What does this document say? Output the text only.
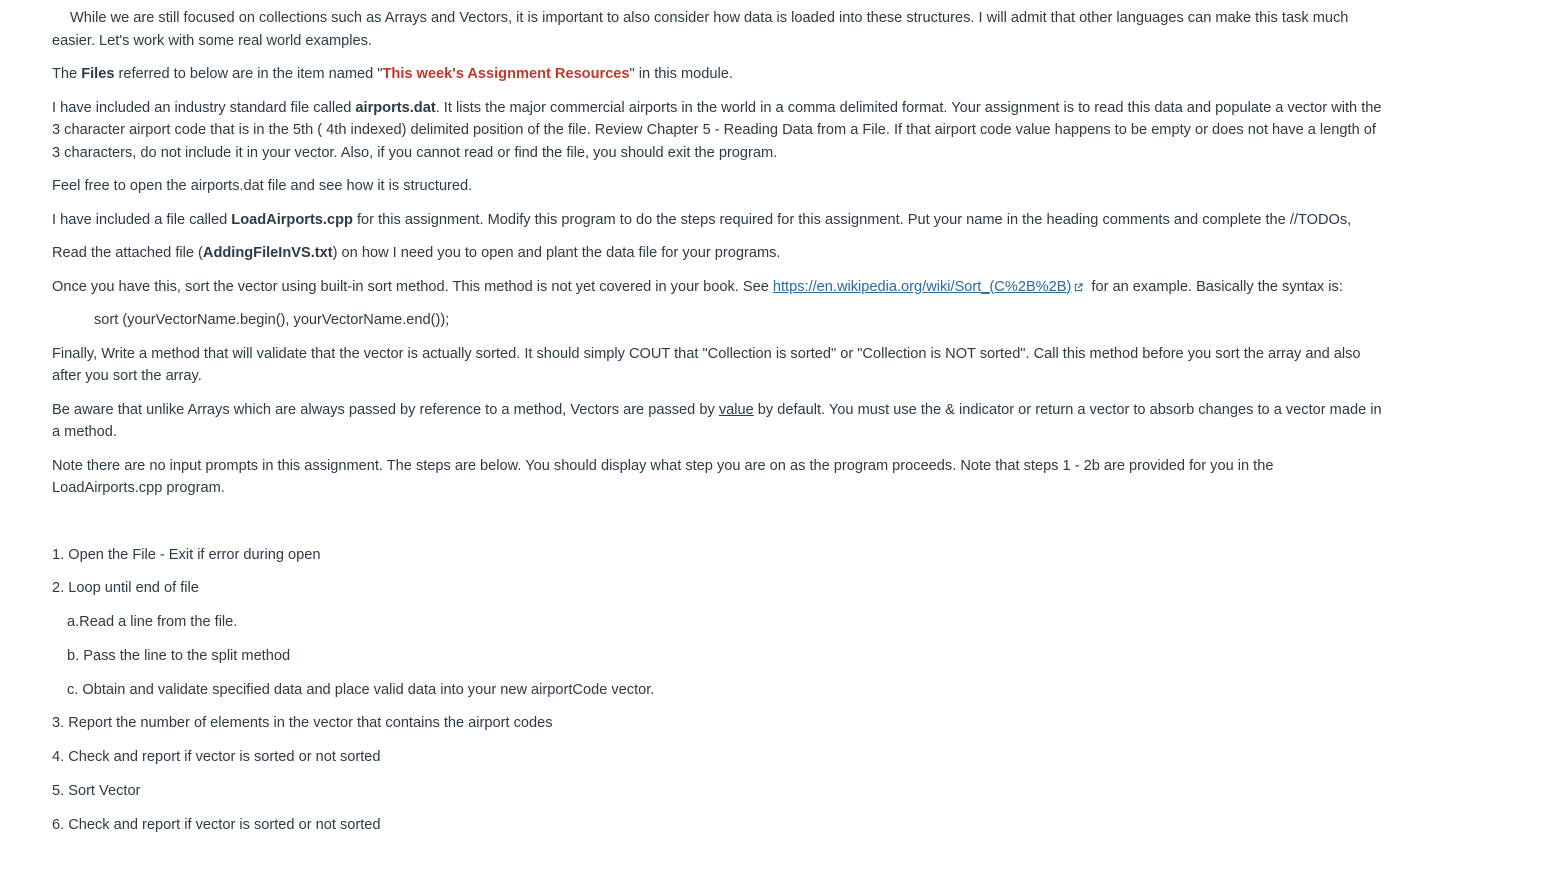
While we are still focused on collections such as Arrays and Vectors, it is important to also consider how data is loaded into these structures. I will admit that other languages can make this task much easier. Let's work with some real world examples.

The Files referred to below are in the item named "This week's Assignment Resources" in this module.

I have included an industry standard file called airports.dat. It lists the major commercial airports in the world in a comma delimited format. Your assignment is to read this data and populate a vector with the 3 character airport code that is in the 5th ( 4th indexed) delimited position of the file. Review Chapter 5 - Reading Data from a File. If that airport code value happens to be empty or does not have a length of 3 characters, do not include it in your vector. Also, if you cannot read or find the file, you should exit the program.

Feel free to open the airports.dat file and see how it is structured.

I have included a file called LoadAirports.cpp for this assignment. Modify this program to do the steps required for this assignment. Put your name in the heading comments and complete the //TODOs,

Read the attached file (AddingFileInVS.txt) on how I need you to open and plant the data file for your programs.

Once you have this, sort the vector using built-in sort method. This method is not yet covered in your book. See https://en.wikipedia.org/wiki/Sort_(C%2B%2B) for an example. Basically the syntax is:

sort (yourVectorName.begin(), yourVectorName.end());

Finally, Write a method that will validate that the vector is actually sorted. It should simply COUT that "Collection is sorted" or "Collection is NOT sorted". Call this method before you sort the array and also after you sort the array.

Be aware that unlike Arrays which are always passed by reference to a method, Vectors are passed by value by default. You must use the & indicator or return a vector to absorb changes to a vector made in a method.

Note there are no input prompts in this assignment. The steps are below. You should display what step you are on as the program proceeds. Note that steps 1 - 2b are provided for you in the LoadAirports.cpp program.

1. Open the File - Exit if error during open
2. Loop until end of file
a.Read a line from the file.
b. Pass the line to the split method
c. Obtain and validate specified data and place valid data into your new airportCode vector.
3. Report the number of elements in the vector that contains the airport codes
4. Check and report if vector is sorted or not sorted
5. Sort Vector
6. Check and report if vector is sorted or not sorted
